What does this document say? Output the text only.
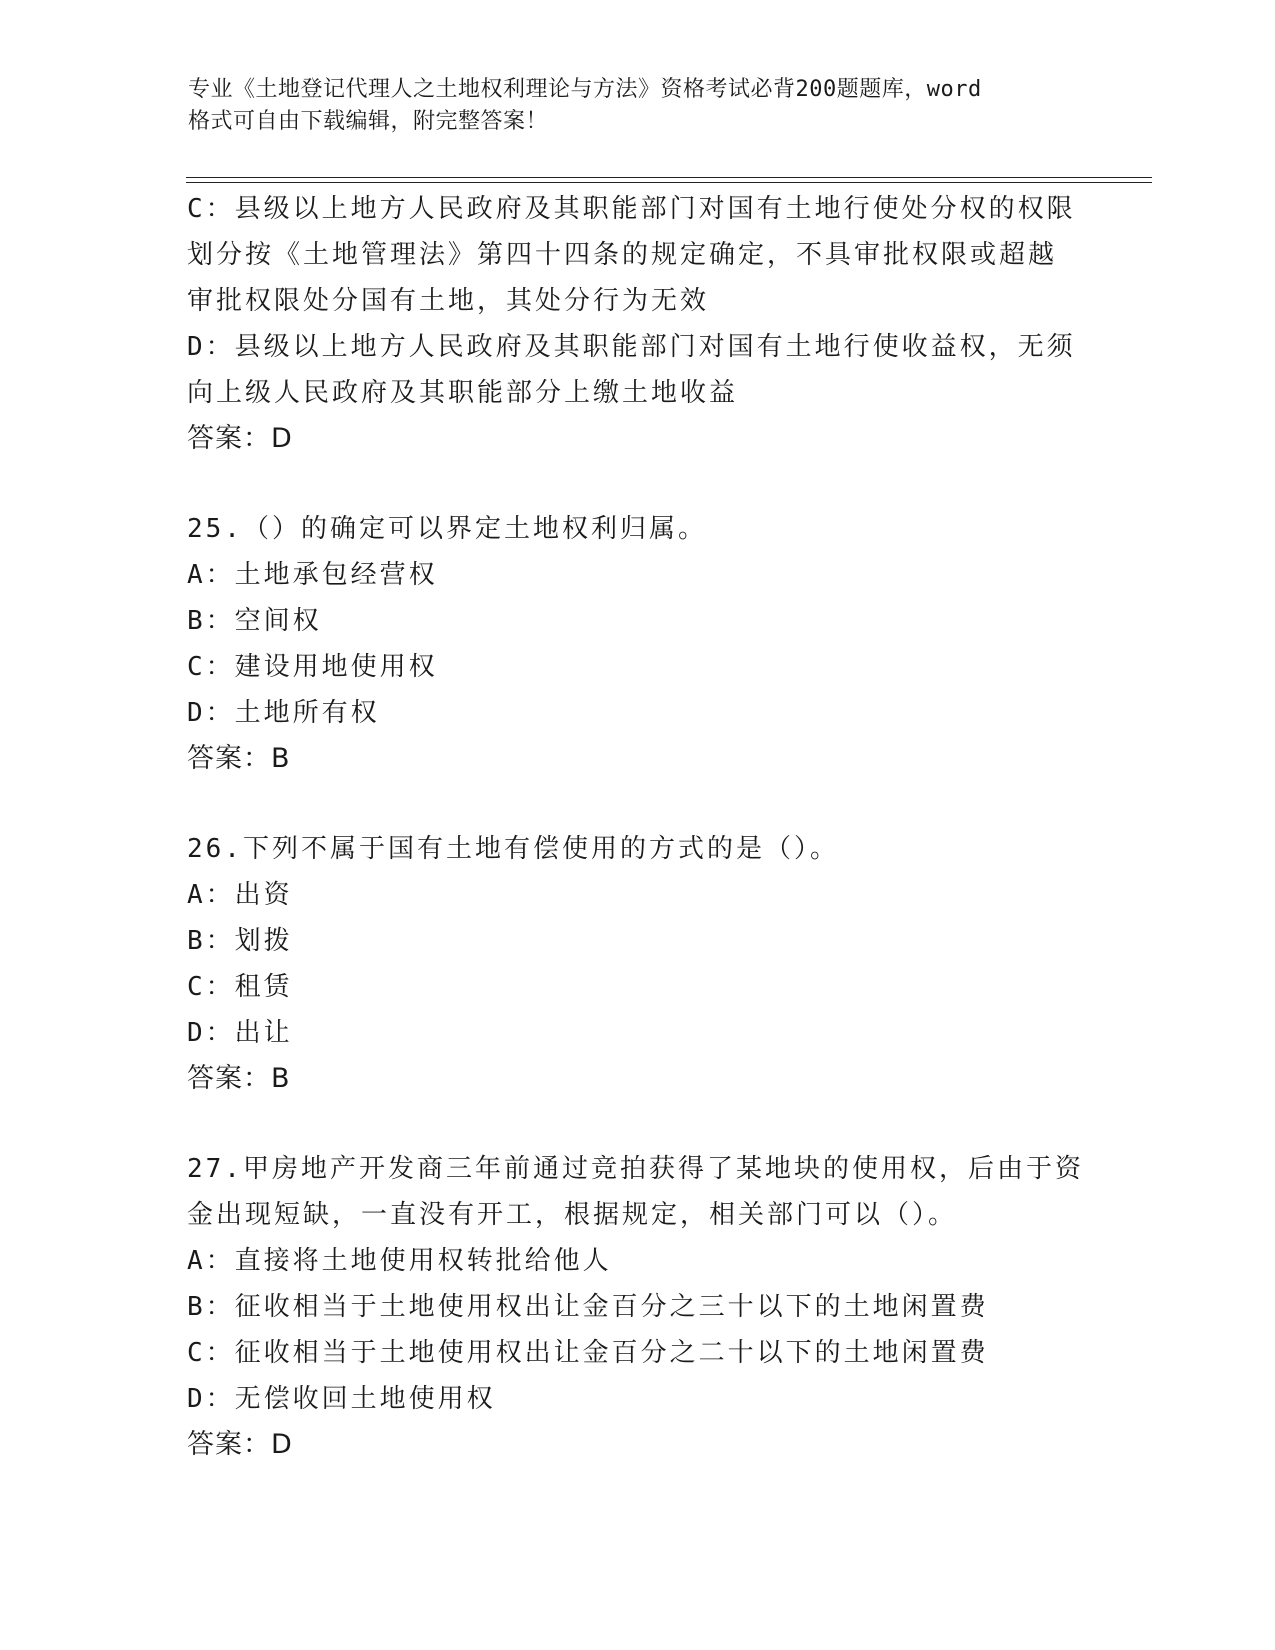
专业《土地登记代理人之土地权利理论与方法》资格考试必背200题题库，word
格式可自由下载编辑，附完整答案！
C：县级以上地方人民政府及其职能部门对国有土地行使处分权的权限
划分按《土地管理法》第四十四条的规定确定，不具审批权限或超越
审批权限处分国有土地，其处分行为无效
D：县级以上地方人民政府及其职能部门对国有土地行使收益权，无须
向上级人民政府及其职能部分上缴土地收益
答案：D
25.（）的确定可以界定土地权利归属。
A：土地承包经营权
B：空间权
C：建设用地使用权
D：土地所有权
答案：B
26.下列不属于国有土地有偿使用的方式的是（）。
A：出资
B：划拨
C：租赁
D：出让
答案：B
27.甲房地产开发商三年前通过竞拍获得了某地块的使用权，后由于资
金出现短缺，一直没有开工，根据规定，相关部门可以（）。
A：直接将土地使用权转批给他人
B：征收相当于土地使用权出让金百分之三十以下的土地闲置费
C：征收相当于土地使用权出让金百分之二十以下的土地闲置费
D：无偿收回土地使用权
答案：D
